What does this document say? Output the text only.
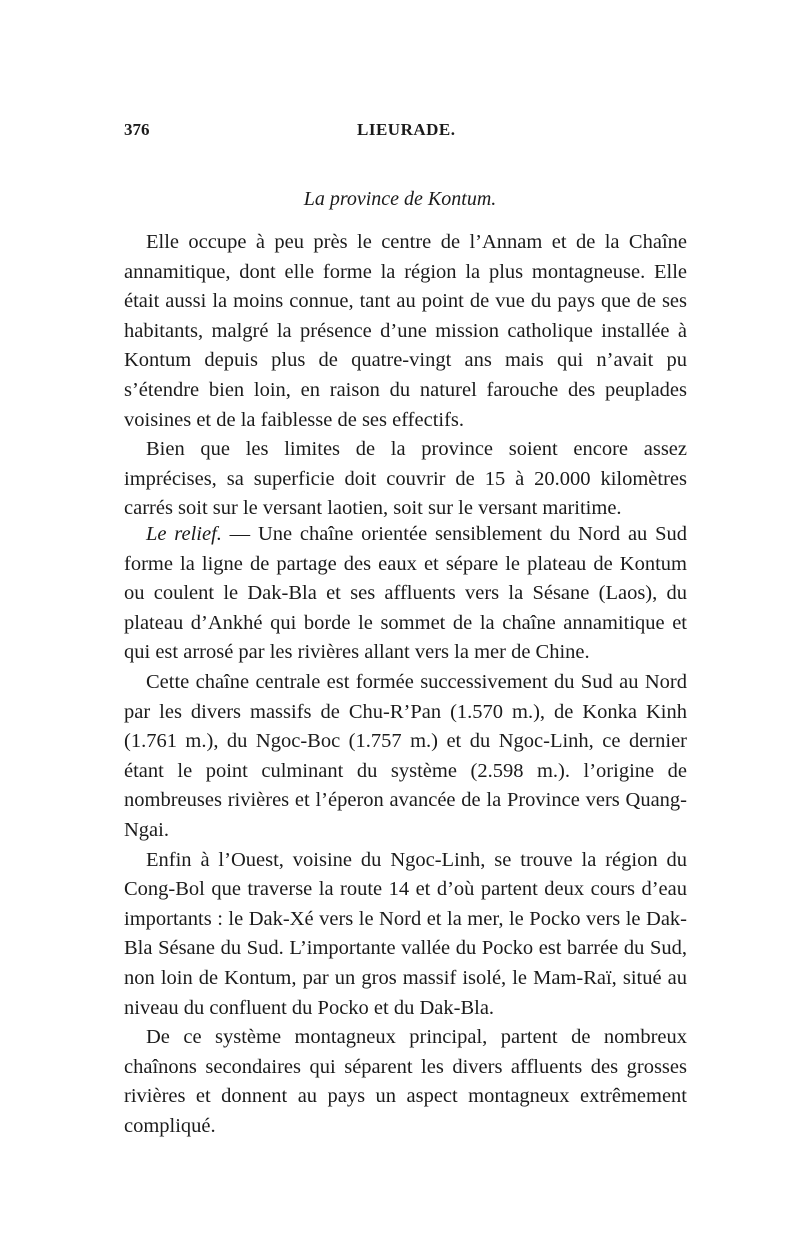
376	LIEURADE.
La province de Kontum.

Elle occupe à peu près le centre de l’Annam et de la Chaîne annamitique, dont elle forme la région la plus montagneuse. Elle était aussi la moins connue, tant au point de vue du pays que de ses habitants, malgré la présence d’une mission catholique installée à Kontum depuis plus de quatre-vingt ans mais qui n’avait pu s’étendre bien loin, en raison du naturel farouche des peuplades voisines et de la faiblesse de ses effectifs.

Bien que les limites de la province soient encore assez imprécises, sa superficie doit couvrir de 15 à 20.000 kilomètres carrés soit sur le versant laotien, soit sur le versant maritime.

Le relief. — Une chaîne orientée sensiblement du Nord au Sud forme la ligne de partage des eaux et sépare le plateau de Kontum ou coulent le Dak-Bla et ses affluents vers la Sésane (Laos), du plateau d’Ankhé qui borde le sommet de la chaîne annamitique et qui est arrosé par les rivières allant vers la mer de Chine.

Cette chaîne centrale est formée successivement du Sud au Nord par les divers massifs de Chu-R’Pan (1.570 m.), de Konka Kinh (1.761 m.), du Ngoc-Boc (1.757 m.) et du Ngoc-Linh, ce dernier étant le point culminant du système (2.598 m.). l’origine de nombreuses rivières et l’éperon avancée de la Province vers Quang-Ngai.

Enfin à l’Ouest, voisine du Ngoc-Linh, se trouve la région du Cong-Bol que traverse la route 14 et d’où partent deux cours d’eau importants : le Dak-Xé vers le Nord et la mer, le Pocko vers le Dak-Bla Sésane du Sud. L’importante vallée du Pocko est barrée du Sud, non loin de Kontum, par un gros massif isolé, le Mam-Raï, situé au niveau du confluent du Pocko et du Dak-Bla.

De ce système montagneux principal, partent de nombreux chaînons secondaires qui séparent les divers affluents des grosses rivières et donnent au pays un aspect montagneux extrêmement compliqué.
